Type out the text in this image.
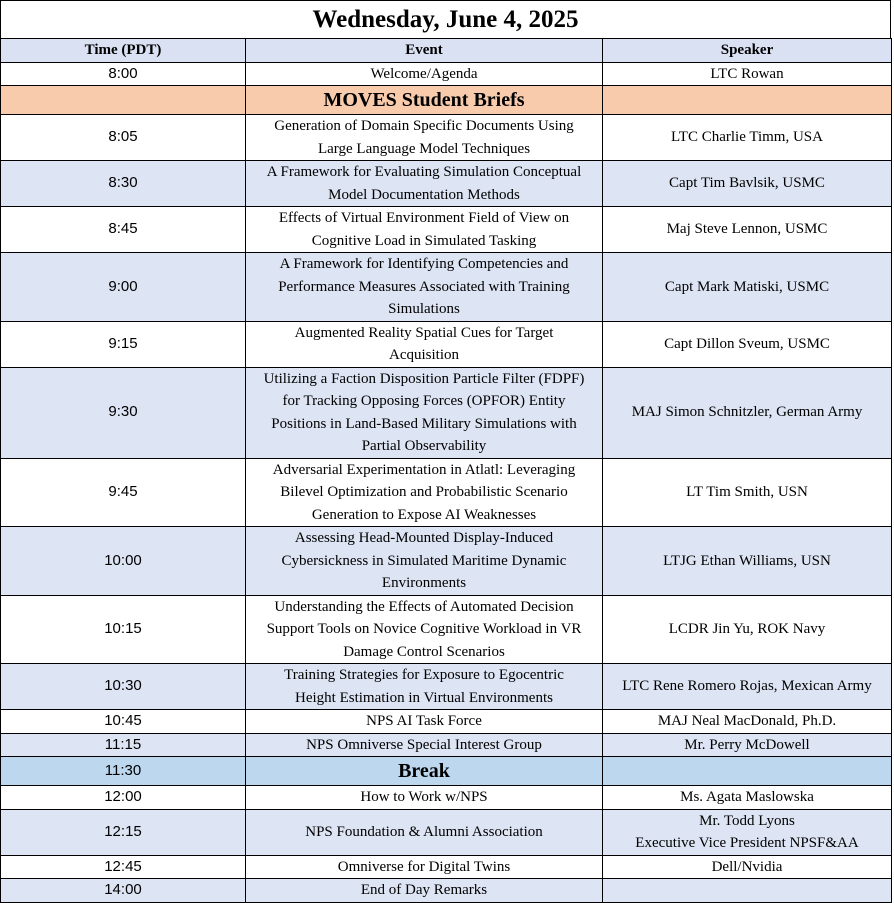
Wednesday, June 4, 2025
Time (PDT)	Event	Speaker
8:00	Welcome/Agenda	LTC Rowan

	MOVES Student Briefs	

8:05	Generation of Domain Specific Documents Using
Large Language Model Techniques	LTC Charlie Timm, USA

8:30	A Framework for Evaluating Simulation Conceptual
Model Documentation Methods	Capt Tim Bavlsik, USMC

8:45	Effects of Virtual Environment Field of View on
Cognitive Load in Simulated Tasking	Maj Steve Lennon, USMC

9:00	A Framework for Identifying Competencies and
Performance Measures Associated with Training
Simulations	Capt Mark Matiski, USMC

9:15	Augmented Reality Spatial Cues for Target
Acquisition	Capt Dillon Sveum, USMC

9:30	Utilizing a Faction Disposition Particle Filter (FDPF)
for Tracking Opposing Forces (OPFOR) Entity
Positions in Land-Based Military Simulations with
Partial Observability	MAJ Simon Schnitzler, German Army

9:45	Adversarial Experimentation in Atlatl: Leveraging
Bilevel Optimization and Probabilistic Scenario
Generation to Expose AI Weaknesses	LT Tim Smith, USN

10:00	Assessing Head-Mounted Display-Induced
Cybersickness in Simulated Maritime Dynamic
Environments	LTJG Ethan Williams, USN

10:15	Understanding the Effects of Automated Decision
Support Tools on Novice Cognitive Workload in VR
Damage Control Scenarios	LCDR Jin Yu, ROK Navy

10:30	Training Strategies for Exposure to Egocentric
Height Estimation in Virtual Environments	LTC Rene Romero Rojas, Mexican Army

10:45	NPS AI Task Force	MAJ Neal MacDonald, Ph.D.

11:15	NPS Omniverse Special Interest Group	Mr. Perry McDowell

11:30	Break	

12:00	How to Work w/NPS	Ms. Agata Maslowska

12:15	NPS Foundation & Alumni Association	Mr. Todd Lyons
Executive Vice President NPSF&AA

12:45	Omniverse for Digital Twins	Dell/Nvidia

14:00	End of Day Remarks	
